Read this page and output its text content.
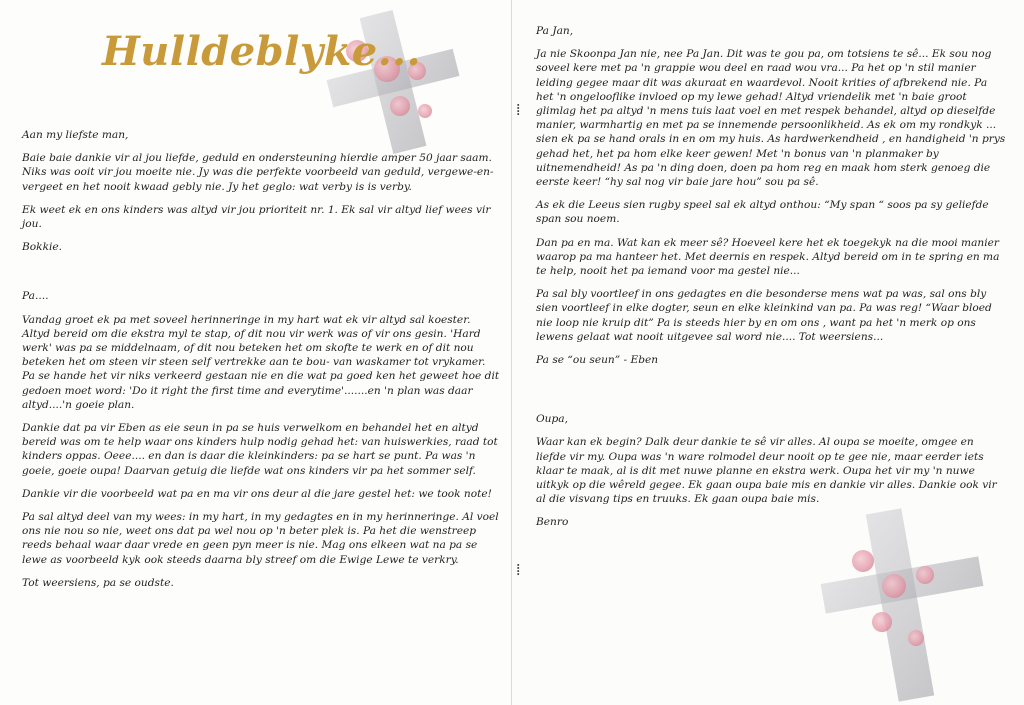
Hulldeblyke...

Aan my liefste man,

Baie baie dankie vir al jou liefde, geduld en ondersteuning hierdie amper 50 jaar saam. Niks was ooit vir jou moeite nie. Jy was die perfekte voorbeeld van geduld, vergewe-en-vergeet en het nooit kwaad gebly nie. Jy het geglo: wat verby is is verby.

Ek weet ek en ons kinders was altyd vir jou prioriteit nr. 1. Ek sal vir altyd lief wees vir jou.

Bokkie.

Pa....

Vandag groet ek pa met soveel herinneringe in my hart wat ek vir altyd sal koester. Altyd bereid om die ekstra myl te stap, of dit nou vir werk was of vir ons gesin. 'Hard werk' was pa se middelnaam, of dit nou beteken het om skofte te werk en of dit nou beteken het om steen vir steen self vertrekke aan te bou- van waskamer tot vrykamer. Pa se hande het vir niks verkeerd gestaan nie en die wat pa goed ken het geweet hoe dit gedoen moet word: 'Do it right the first time and everytime'.......en 'n plan was daar altyd....'n goeie plan.

Dankie dat pa vir Eben as eie seun in pa se huis verwelkom en behandel het en altyd bereid was om te help waar ons kinders hulp nodig gehad het: van huiswerkies, raad tot kinders oppas. Oeee.... en dan is daar die kleinkinders: pa se hart se punt. Pa was 'n goeie, goeie oupa! Daarvan getuig die liefde wat ons kinders vir pa het sommer self.

Dankie vir die voorbeeld wat pa en ma vir ons deur al die jare gestel het: we took note!

Pa sal altyd deel van my wees: in my hart, in my gedagtes en in my herinneringe. Al voel ons nie nou so nie, weet ons dat pa wel nou op 'n beter plek is. Pa het die wenstreep reeds behaal waar daar vrede en geen pyn meer is nie. Mag ons elkeen wat na pa se lewe as voorbeeld kyk ook steeds daarna bly streef om die Ewige Lewe te verkry.

Tot weersiens, pa se oudste.

⁞
⁞

Pa Jan,

Ja nie Skoonpa Jan nie, nee Pa Jan. Dit was te gou pa, om totsiens te sê... Ek sou nog soveel kere met pa 'n grappie wou deel en raad wou vra... Pa het op 'n stil manier leiding gegee maar dit was akuraat en waardevol. Nooit krities of afbrekend nie. Pa het 'n ongelooflike invloed op my lewe gehad! Altyd vriendelik met 'n baie groot glimlag het pa altyd 'n mens tuis laat voel en met respek behandel, altyd op dieselfde manier, warmhartig en met pa se innemende persoonlikheid. As ek om my rondkyk ... sien ek pa se hand orals in en om my huis. As hardwerkendheid , en handigheid 'n prys gehad het, het pa hom elke keer gewen! Met 'n bonus van 'n planmaker by uitnemendheid! As pa 'n ding doen, doen pa hom reg en maak hom sterk genoeg die eerste keer! “hy sal nog vir baie jare hou” sou pa sê.

As ek die Leeus sien rugby speel sal ek altyd onthou: “My span “ soos pa sy geliefde span sou noem.

Dan pa en ma. Wat kan ek meer sê? Hoeveel kere het ek toegekyk na die mooi manier waarop pa ma hanteer het. Met deernis en respek. Altyd bereid om in te spring en ma te help, nooit het pa iemand voor ma gestel nie...

Pa sal bly voortleef in ons gedagtes en die besonderse mens wat pa was, sal ons bly sien voortleef in elke dogter, seun en elke kleinkind van pa. Pa was reg! “Waar bloed nie loop nie kruip dit” Pa is steeds hier by en om ons , want pa het 'n merk op ons lewens gelaat wat nooit uitgevee sal word nie.... Tot weersiens...

Pa se “ou seun” - Eben

Oupa,

Waar kan ek begin? Dalk deur dankie te sê vir alles. Al oupa se moeite, omgee en liefde vir my. Oupa was 'n ware rolmodel deur nooit op te gee nie, maar eerder iets klaar te maak, al is dit met nuwe planne en ekstra werk. Oupa het vir my 'n nuwe uitkyk op die wêreld gegee. Ek gaan oupa baie mis en dankie vir alles. Dankie ook vir al die visvang tips en truuks. Ek gaan oupa baie mis.

Benro
